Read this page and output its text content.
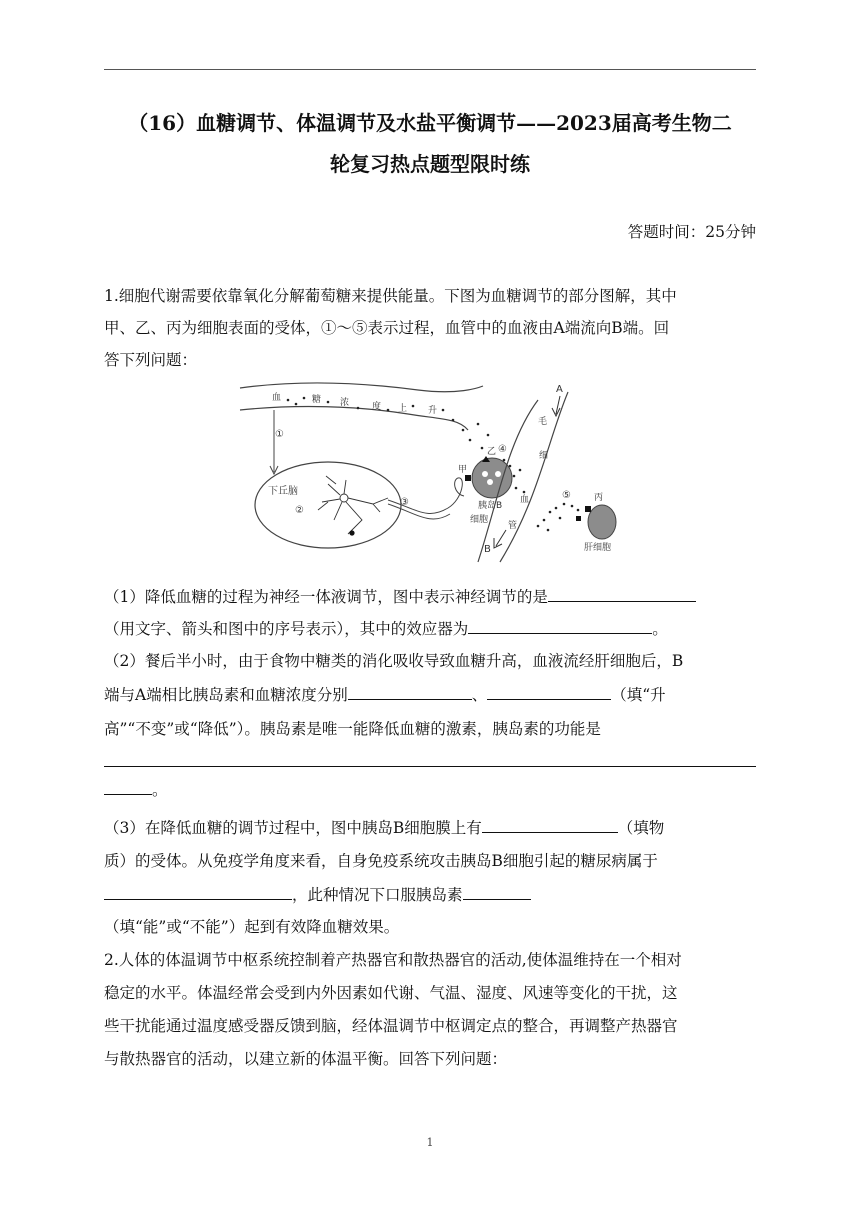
（16）血糖调节、体温调节及水盐平衡调节——2023届高考生物二
轮复习热点题型限时练
答题时间：25分钟
1.细胞代谢需要依靠氧化分解葡萄糖来提供能量。下图为血糖调节的部分图解，其中
甲、乙、丙为细胞表面的受体，①～⑤表示过程，血管中的血液由A端流向B端。回
答下列问题：
血	糖 浓	度 上 升
①
下丘脑
②
③
甲
乙 ④
胰岛B
细胞
A
毛
细
血
管
B
⑤	丙
肝细胞
（1）降低血糖的过程为神经一体液调节，图中表示神经调节的是
（用文字、箭头和图中的序号表示），其中的效应器为	。
（2）餐后半小时，由于食物中糖类的消化吸收导致血糖升高，血液流经肝细胞后，B
端与A端相比胰岛素和血糖浓度分别	、	（填“升
高”“不变”或“降低”）。胰岛素是唯一能降低血糖的激素，胰岛素的功能是
。
（3）在降低血糖的调节过程中，图中胰岛B细胞膜上有	（填物
质）的受体。从免疫学角度来看，自身免疫系统攻击胰岛B细胞引起的糖尿病属于
，此种情况下口服胰岛素
（填“能”或“不能”）起到有效降血糖效果。
2.人体的体温调节中枢系统控制着产热器官和散热器官的活动,使体温维持在一个相对
稳定的水平。体温经常会受到内外因素如代谢、气温、湿度、风速等变化的干扰，这
些干扰能通过温度感受器反馈到脑，经体温调节中枢调定点的整合，再调整产热器官
与散热器官的活动，以建立新的体温平衡。回答下列问题：
1
